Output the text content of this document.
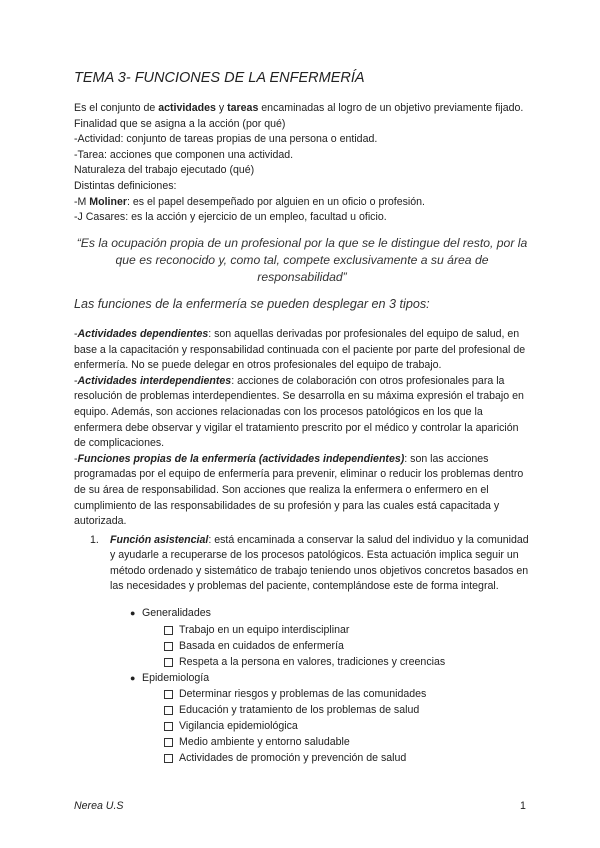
TEMA 3- FUNCIONES DE LA ENFERMERÍA

Es el conjunto de actividades y tareas encaminadas al logro de un objetivo previamente fijado. Finalidad que se asigna a la acción (por qué)

-Actividad: conjunto de tareas propias de una persona o entidad.

-Tarea: acciones que componen una actividad.

Naturaleza del trabajo ejecutado (qué)

Distintas definiciones:

-M Moliner: es el papel desempeñado por alguien en un oficio o profesión.

-J Casares: es la acción y ejercicio de un empleo, facultad u oficio.

“Es la ocupación propia de un profesional por la que se le distingue del resto, por la que es reconocido y, como tal, compete exclusivamente a su área de responsabilidad”
Las funciones de la enfermería se pueden desplegar en 3 tipos:

-Actividades dependientes: son aquellas derivadas por profesionales del equipo de salud, en base a la capacitación y responsabilidad continuada con el paciente por parte del profesional de enfermería. No se puede delegar en otros profesionales del equipo de trabajo.

-Actividades interdependientes: acciones de colaboración con otros profesionales para la resolución de problemas interdependientes. Se desarrolla en su máxima expresión el trabajo en equipo. Además, son acciones relacionadas con los procesos patológicos en los que la enfermera debe observar y vigilar el tratamiento prescrito por el médico y controlar la aparición de complicaciones.

-Funciones propias de la enfermería (actividades independientes): son las acciones programadas por el equipo de enfermería para prevenir, eliminar o reducir los problemas dentro de su área de responsabilidad. Son acciones que realiza la enfermera o enfermero en el cumplimiento de las responsabilidades de su profesión y para las cuales está capacitada y autorizada.

1. Función asistencial: está encaminada a conservar la salud del individuo y la comunidad y ayudarle a recuperarse de los procesos patológicos. Esta actuación implica seguir un método ordenado y sistemático de trabajo teniendo unos objetivos concretos basados en las necesidades y problemas del paciente, contemplándose este de forma integral.
● Generalidades
Trabajo en un equipo interdisciplinar
Basada en cuidados de enfermería
Respeta a la persona en valores, tradiciones y creencias
● Epidemiología
Determinar riesgos y problemas de las comunidades
Educación y tratamiento de los problemas de salud
Vigilancia epidemiológica
Medio ambiente y entorno saludable
Actividades de promoción y prevención de salud
Nerea U.S	1
